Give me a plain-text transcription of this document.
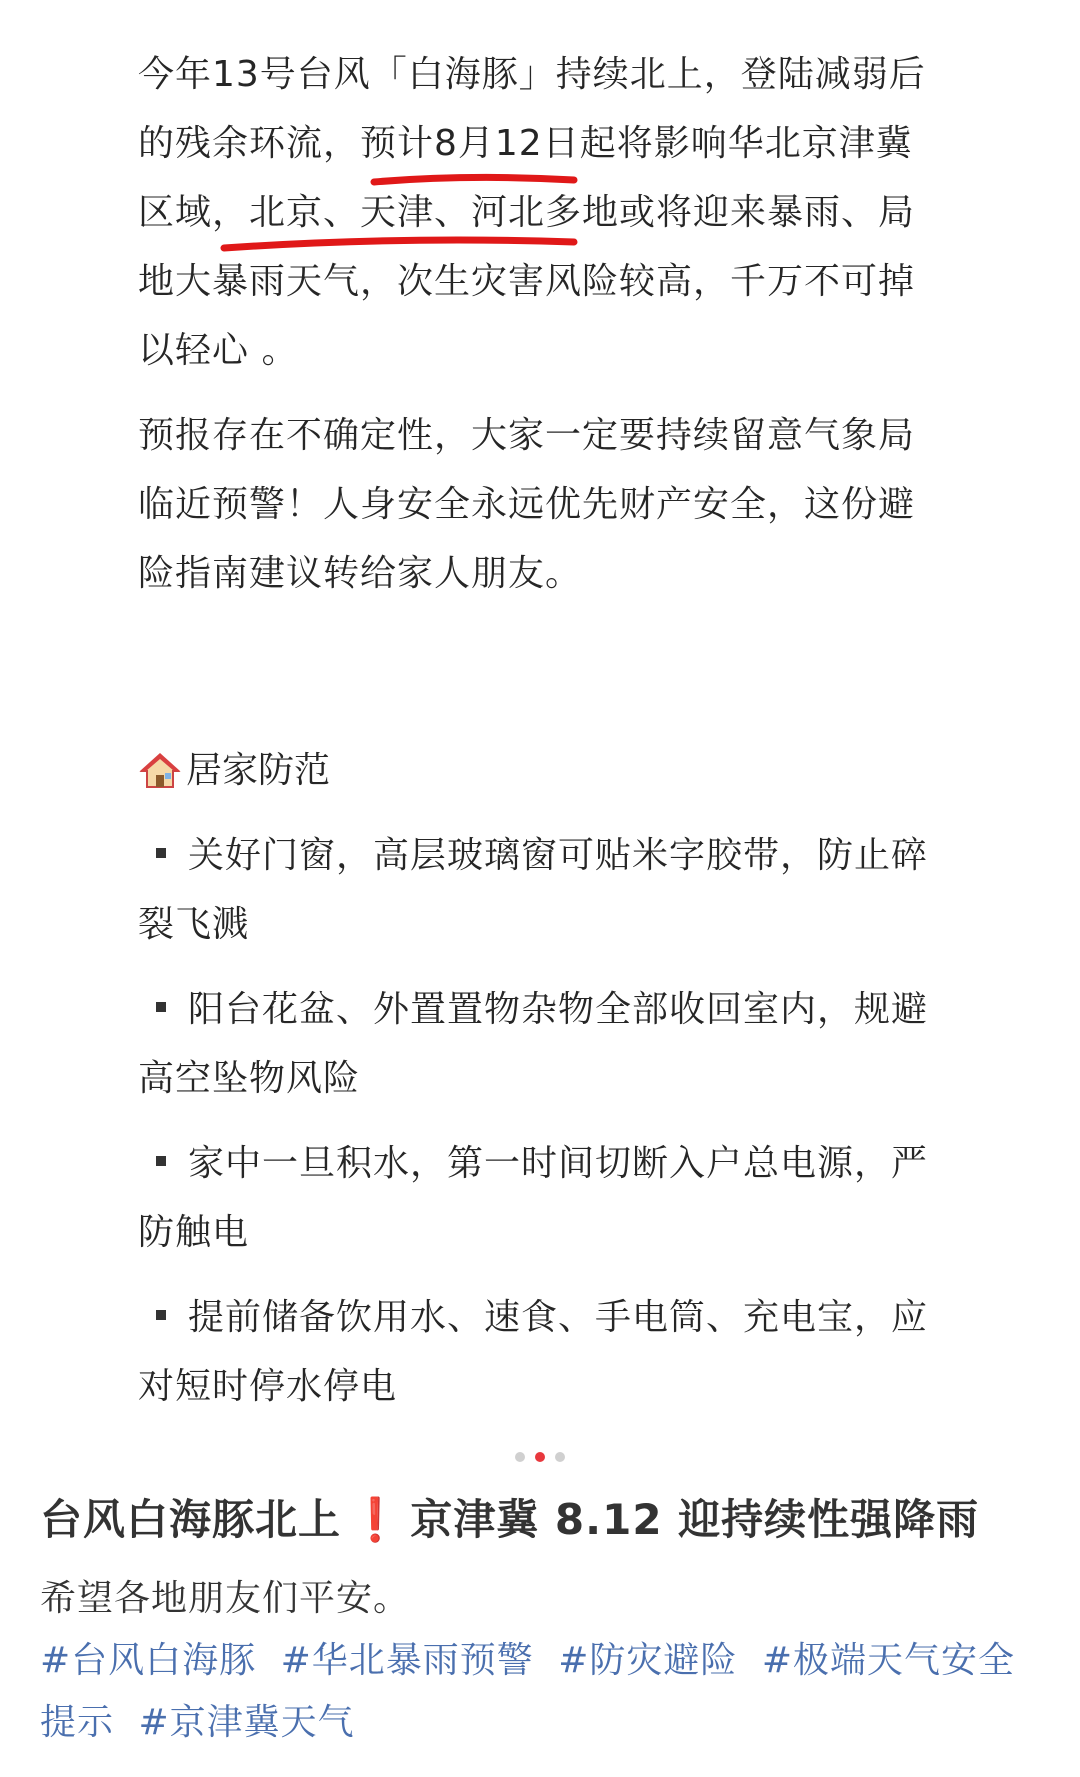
今年13号台风「白海豚」持续北上，登陆减弱后的残余环流，预计8月12日起将影响华北京津冀区域，北京、天津、河北多地或将迎来暴雨、局地大暴雨天气，次生灾害风险较高，千万不可掉以轻心 。

预报存在不确定性，大家一定要持续留意气象局临近预警！人身安全永远优先财产安全，这份避险指南建议转给家人朋友。

居家防范

关好门窗，高层玻璃窗可贴米字胶带，防止碎裂飞溅

阳台花盆、外置置物杂物全部收回室内，规避高空坠物风险

家中一旦积水，第一时间切断入户总电源，严防触电

提前储备饮用水、速食、手电筒、充电宝，应对短时停水停电

台风白海豚北上 ❗ 京津冀 8.12 迎持续性强降雨
希望各地朋友们平安。
#台风白海豚 #华北暴雨预警 #防灾避险 #极端天气安全提示 #京津冀天气
